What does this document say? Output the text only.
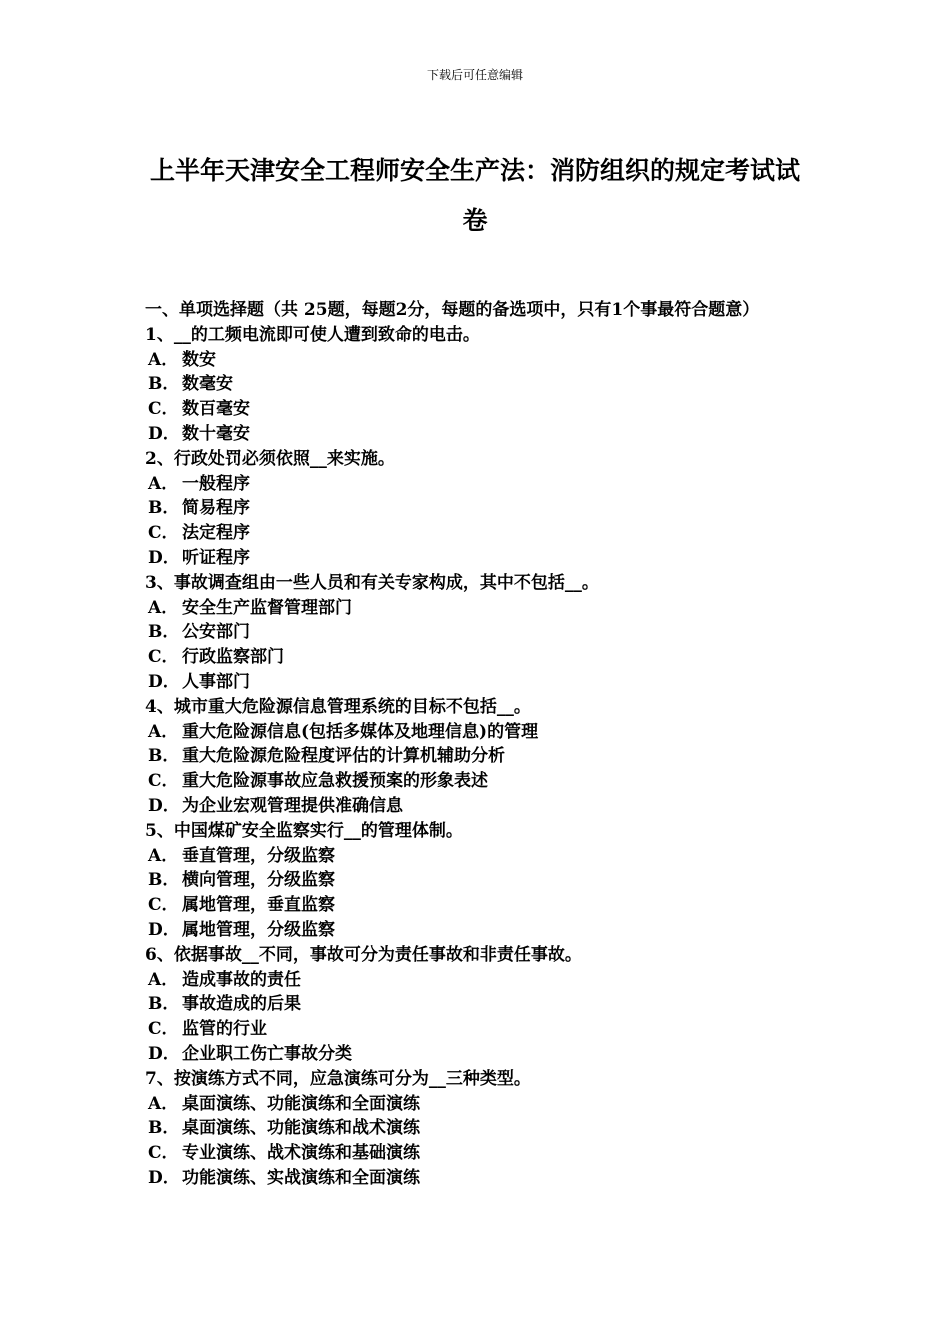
下载后可任意编辑
上半年天津安全工程师安全生产法：消防组织的规定考试试卷

一、单项选择题（共 25题，每题2分，每题的备选项中，只有1个事最符合题意）

1、__的工频电流即可使人遭到致命的电击。

A． 数安
B． 数毫安
C． 数百毫安
D． 数十毫安

2、行政处罚必须依照__来实施。

A． 一般程序
B． 简易程序
C． 法定程序
D． 听证程序

3、事故调查组由一些人员和有关专家构成，其中不包括__。

A． 安全生产监督管理部门
B． 公安部门
C． 行政监察部门
D． 人事部门

4、城市重大危险源信息管理系统的目标不包括__。

A． 重大危险源信息(包括多媒体及地理信息)的管理
B． 重大危险源危险程度评估的计算机辅助分析
C． 重大危险源事故应急救援预案的形象表述
D． 为企业宏观管理提供准确信息

5、中国煤矿安全监察实行__的管理体制。

A． 垂直管理，分级监察
B． 横向管理，分级监察
C． 属地管理，垂直监察
D． 属地管理，分级监察

6、依据事故__不同，事故可分为责任事故和非责任事故。

A． 造成事故的责任
B． 事故造成的后果
C． 监管的行业
D． 企业职工伤亡事故分类

7、按演练方式不同，应急演练可分为__三种类型。

A． 桌面演练、功能演练和全面演练
B． 桌面演练、功能演练和战术演练
C． 专业演练、战术演练和基础演练
D． 功能演练、实战演练和全面演练
